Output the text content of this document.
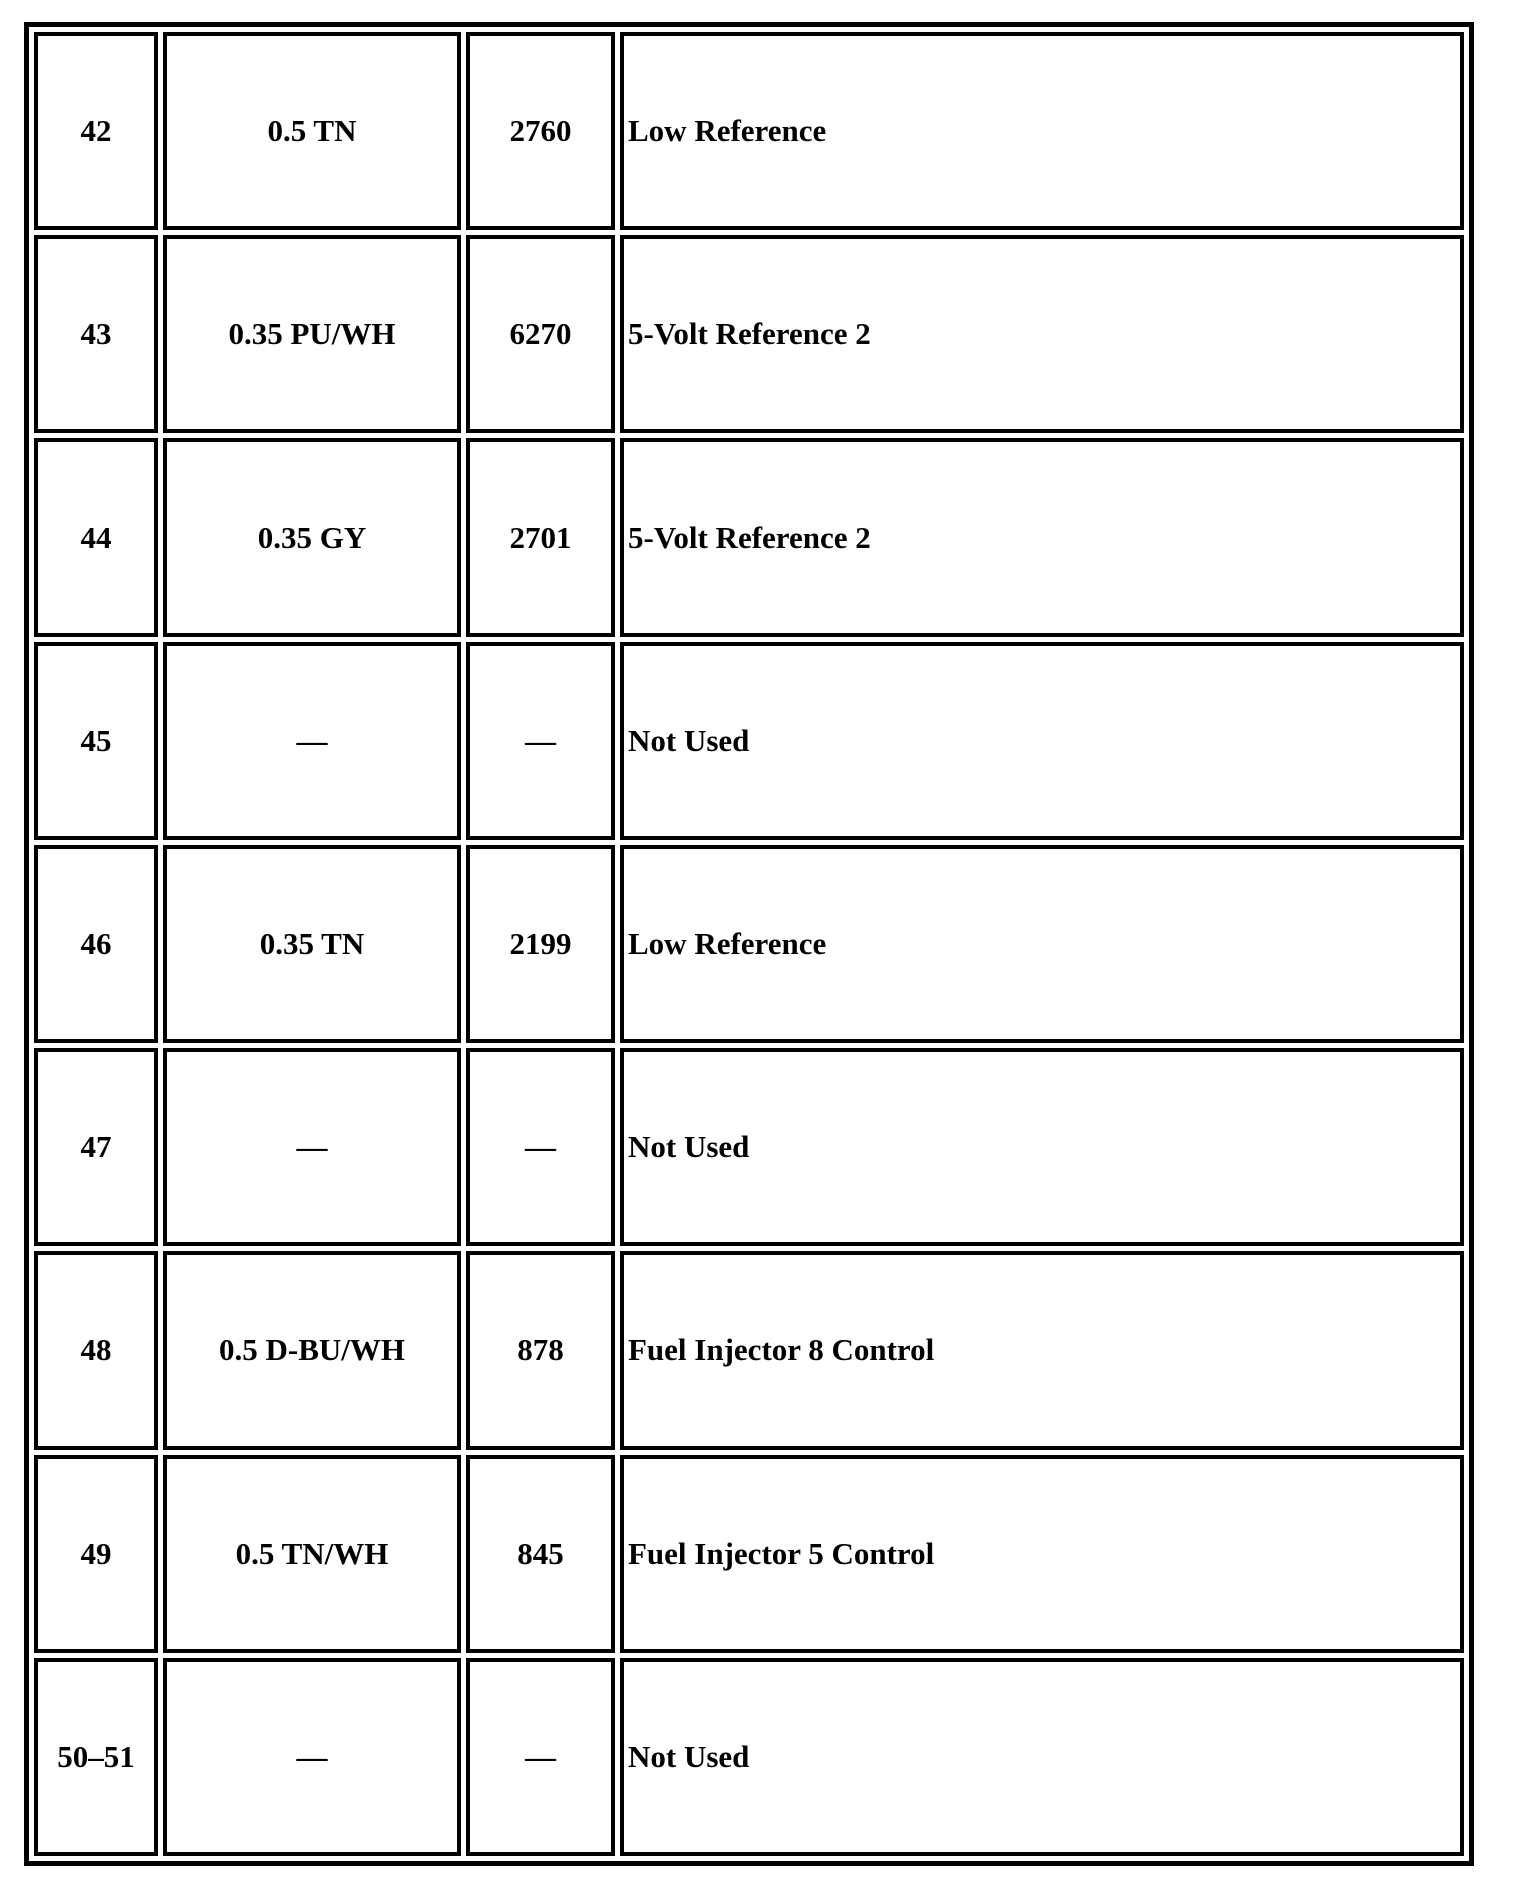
42	0.5 TN	2760	Low Reference
43	0.35 PU/WH	6270	5-Volt Reference 2
44	0.35 GY	2701	5-Volt Reference 2
45	—	—	Not Used
46	0.35 TN	2199	Low Reference
47	—	—	Not Used
48	0.5 D-BU/WH	878	Fuel Injector 8 Control
49	0.5 TN/WH	845	Fuel Injector 5 Control
50–51	—	—	Not Used
